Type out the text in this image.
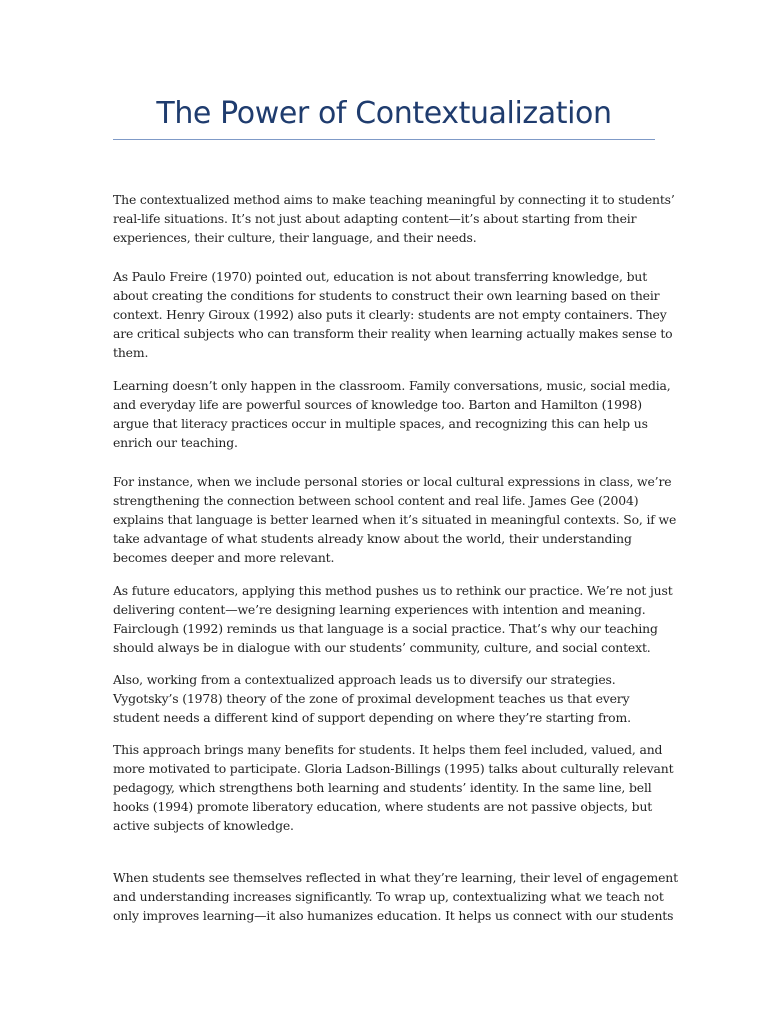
The Power of Contextualization
The contextualized method aims to make teaching meaningful by connecting it to students’
real-life situations. It’s not just about adapting content—it’s about starting from their
experiences, their culture, their language, and their needs.
As Paulo Freire (1970) pointed out, education is not about transferring knowledge, but
about creating the conditions for students to construct their own learning based on their
context. Henry Giroux (1992) also puts it clearly: students are not empty containers. They
are critical subjects who can transform their reality when learning actually makes sense to
them.
Learning doesn’t only happen in the classroom. Family conversations, music, social media,
and everyday life are powerful sources of knowledge too. Barton and Hamilton (1998)
argue that literacy practices occur in multiple spaces, and recognizing this can help us
enrich our teaching.
For instance, when we include personal stories or local cultural expressions in class, we’re
strengthening the connection between school content and real life. James Gee (2004)
explains that language is better learned when it’s situated in meaningful contexts. So, if we
take advantage of what students already know about the world, their understanding
becomes deeper and more relevant.
As future educators, applying this method pushes us to rethink our practice. We’re not just
delivering content—we’re designing learning experiences with intention and meaning.
Fairclough (1992) reminds us that language is a social practice. That’s why our teaching
should always be in dialogue with our students’ community, culture, and social context.
Also, working from a contextualized approach leads us to diversify our strategies.
Vygotsky’s (1978) theory of the zone of proximal development teaches us that every
student needs a different kind of support depending on where they’re starting from.
This approach brings many benefits for students. It helps them feel included, valued, and
more motivated to participate. Gloria Ladson-Billings (1995) talks about culturally relevant
pedagogy, which strengthens both learning and students’ identity. In the same line, bell
hooks (1994) promote liberatory education, where students are not passive objects, but
active subjects of knowledge.
When students see themselves reflected in what they’re learning, their level of engagement
and understanding increases significantly. To wrap up, contextualizing what we teach not
only improves learning—it also humanizes education. It helps us connect with our students
